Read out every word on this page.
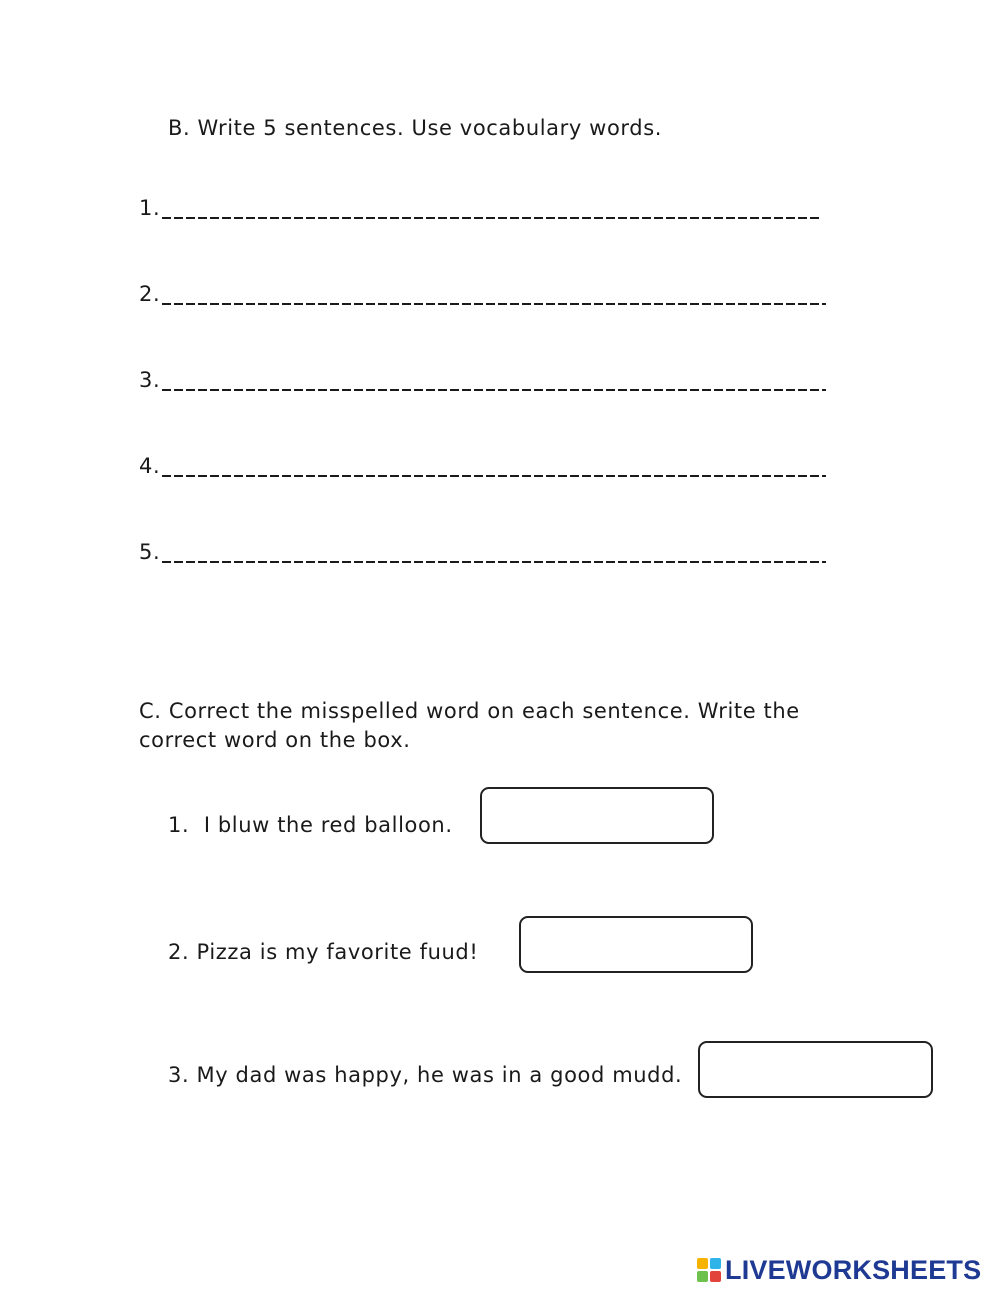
B. Write 5 sentences. Use vocabulary words.
1.
2.
3.
4.
5.
C. Correct the misspelled word on each sentence. Write the
correct word on the box.
1. I bluw the red balloon.
2. Pizza is my favorite fuud!
3. My dad was happy, he was in a good mudd.
LIVEWORKSHEETS
